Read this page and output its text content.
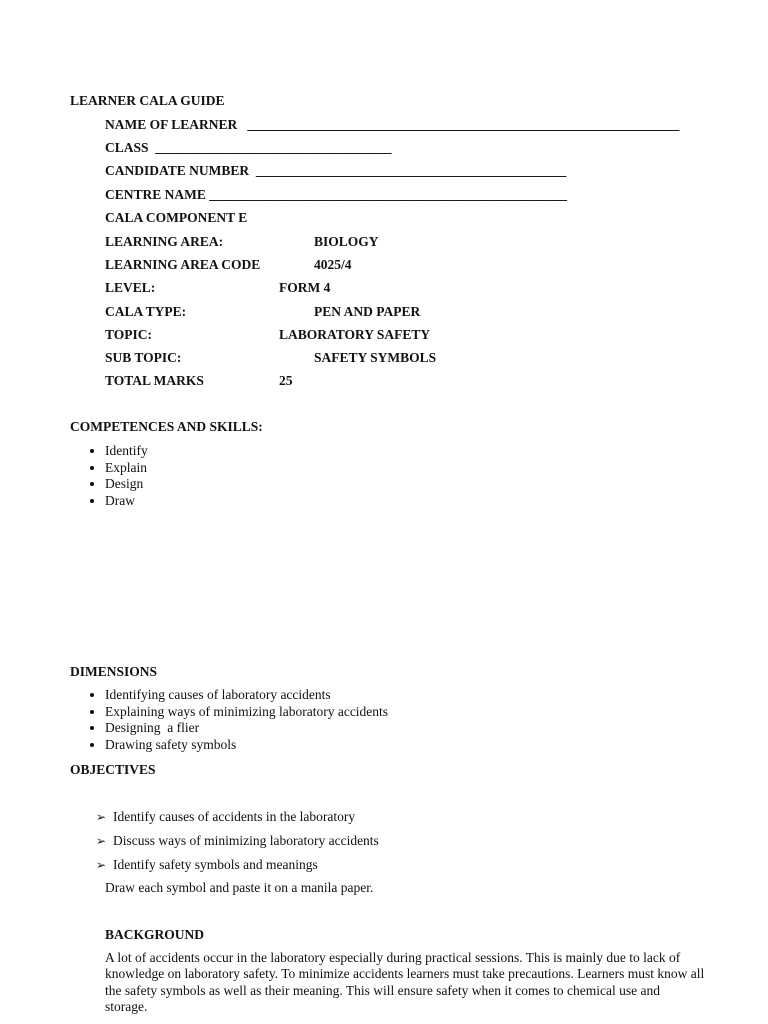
LEARNER CALA GUIDE
NAME OF LEARNER ________________________________________________________________
CLASS ___________________________________
CANDIDATE NUMBER ______________________________________________
CENTRE NAME _____________________________________________________
CALA COMPONENT E
LEARNING AREA:	BIOLOGY
LEARNING AREA CODE	4025/4
LEVEL:	FORM 4
CALA TYPE:	PEN AND PAPER
TOPIC:	LABORATORY SAFETY
SUB TOPIC:	SAFETY SYMBOLS
TOTAL MARKS	25
COMPETENCES AND SKILLS:
• Identify
• Explain
• Design
• Draw
DIMENSIONS
• Identifying causes of laboratory accidents
• Explaining ways of minimizing laboratory accidents
• Designing  a flier
• Drawing safety symbols
OBJECTIVES
➢ Identify causes of accidents in the laboratory
➢ Discuss ways of minimizing laboratory accidents
➢ Identify safety symbols and meanings
Draw each symbol and paste it on a manila paper.
BACKGROUND
A lot of accidents occur in the laboratory especially during practical sessions. This is mainly due to lack of knowledge on laboratory safety. To minimize accidents learners must take precautions. Learners must know all the safety symbols as well as their meaning. This will ensure safety when it comes to chemical use and storage.
